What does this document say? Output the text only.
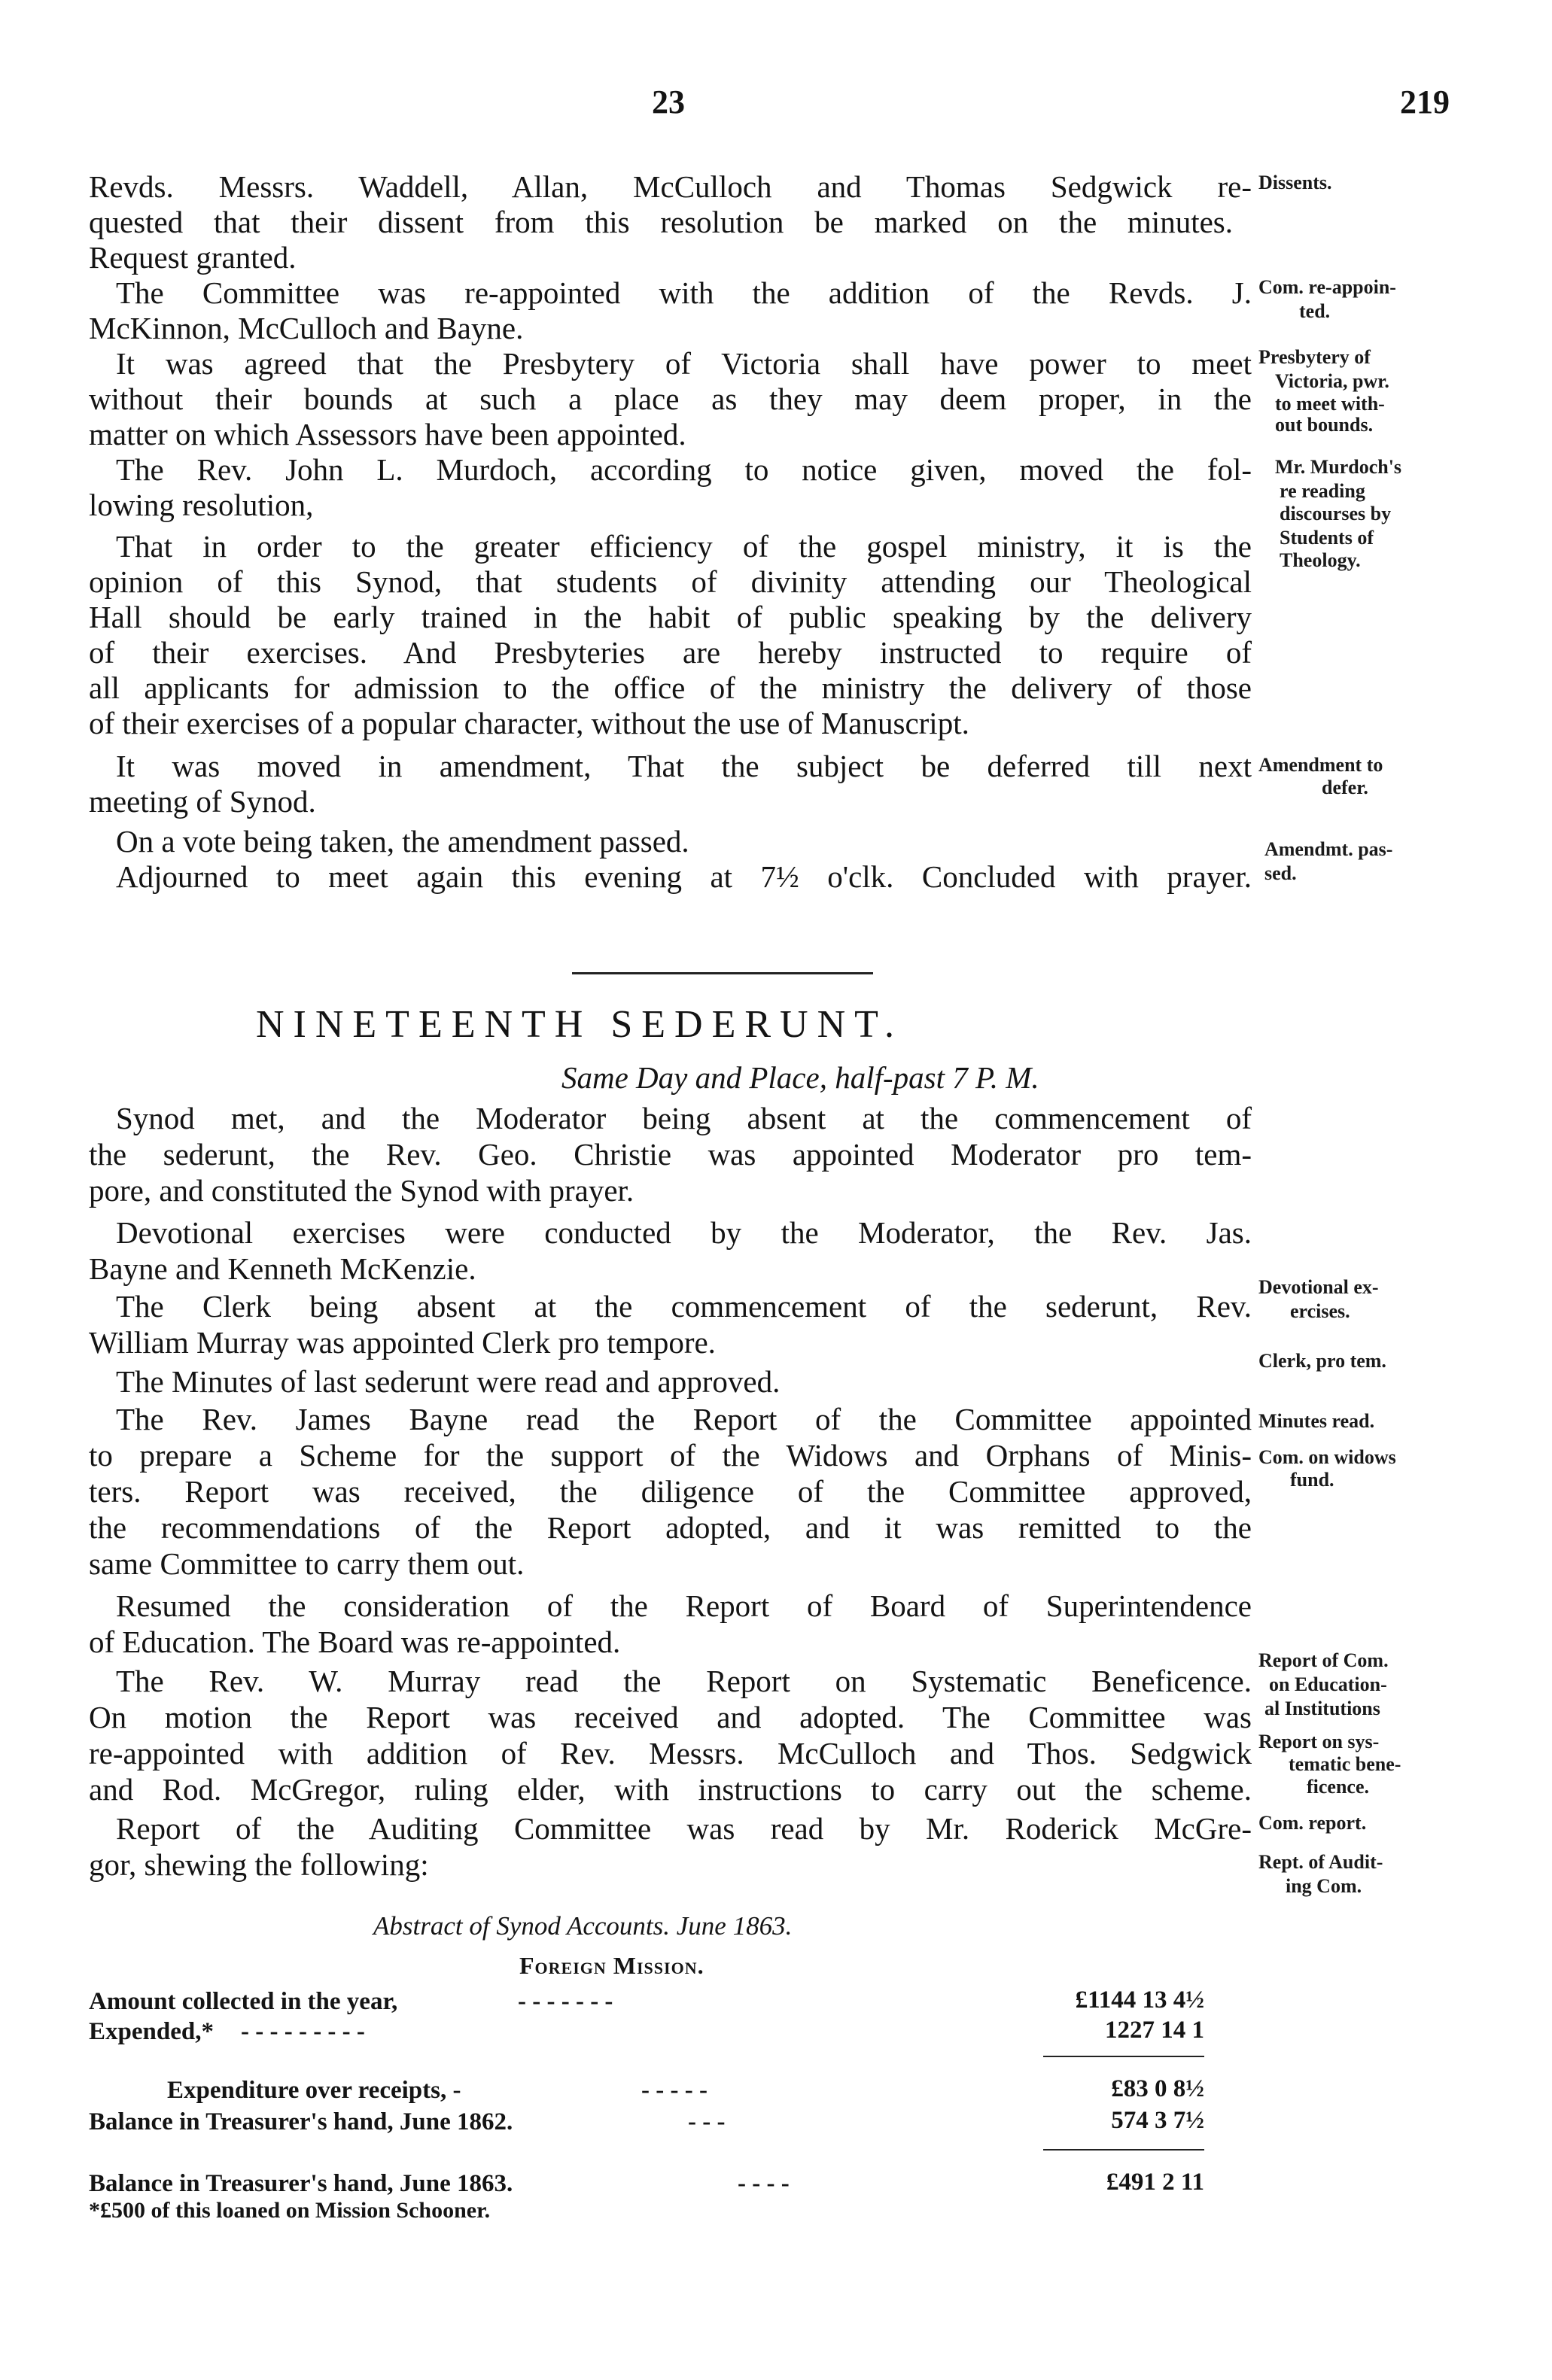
23	219
Revds. Messrs. Waddell, Allan, McCulloch and Thomas Sedgwick re-
quested that their dissent from this resolution be marked on the minutes.
Request granted.
The Committee was re-appointed with the addition of the Revds. J.
McKinnon, McCulloch and Bayne.
It was agreed that the Presbytery of Victoria shall have power to meet
without their bounds at such a place as they may deem proper, in the
matter on which Assessors have been appointed.
The Rev. John L. Murdoch, according to notice given, moved the fol-
lowing resolution,
That in order to the greater efficiency of the gospel ministry, it is the
opinion of this Synod, that students of divinity attending our Theological
Hall should be early trained in the habit of public speaking by the delivery
of their exercises. And Presbyteries are hereby instructed to require of
all applicants for admission to the office of the ministry the delivery of those
of their exercises of a popular character, without the use of Manuscript.
It was moved in amendment, That the subject be deferred till next
meeting of Synod.
On a vote being taken, the amendment passed.
Adjourned to meet again this evening at 7½ o'clk. Concluded with prayer.
Dissents.
Com. re-appoin-
ted.
Presbytery of
Victoria, pwr.
to meet with-
out bounds.
Mr. Murdoch's
re reading
discourses by
Students of
Theology.
Amendment to
defer.
Amendmt. pas-
sed.
NINETEENTH SEDERUNT.
Same Day and Place, half-past 7 P. M.
Synod met, and the Moderator being absent at the commencement of
the sederunt, the Rev. Geo. Christie was appointed Moderator pro tem-
pore, and constituted the Synod with prayer.
Devotional exercises were conducted by the Moderator, the Rev. Jas.
Bayne and Kenneth McKenzie.
The Clerk being absent at the commencement of the sederunt, Rev.
William Murray was appointed Clerk pro tempore.
The Minutes of last sederunt were read and approved.
The Rev. James Bayne read the Report of the Committee appointed
to prepare a Scheme for the support of the Widows and Orphans of Minis-
ters. Report was received, the diligence of the Committee approved,
the recommendations of the Report adopted, and it was remitted to the
same Committee to carry them out.
Resumed the consideration of the Report of Board of Superintendence
of Education. The Board was re-appointed.
The Rev. W. Murray read the Report on Systematic Beneficence.
On motion the Report was received and adopted. The Committee was
re-appointed with addition of Rev. Messrs. McCulloch and Thos. Sedgwick
and Rod. McGregor, ruling elder, with instructions to carry out the scheme.
Report of the Auditing Committee was read by Mr. Roderick McGre-
gor, shewing the following:
Devotional ex-
ercises.
Clerk, pro tem.
Minutes read.
Com. on widows
fund.
Report of Com.
on Education-
al Institutions
Report on sys-
tematic bene-
ficence.
Com. report.
Rept. of Audit-
ing Com.
Abstract of Synod Accounts. June 1863.
Foreign Mission.
Amount collected in the year,	- - - - - - -	£1144 13 4½
Expended,* - - - - - - - - -	1227 14 1
Expenditure over receipts, -	- - - - -	£83 0 8½
Balance in Treasurer's hand, June 1862.	- - -	574 3 7½
Balance in Treasurer's hand, June 1863.	- - - -	£491 2 11
*£500 of this loaned on Mission Schooner.
